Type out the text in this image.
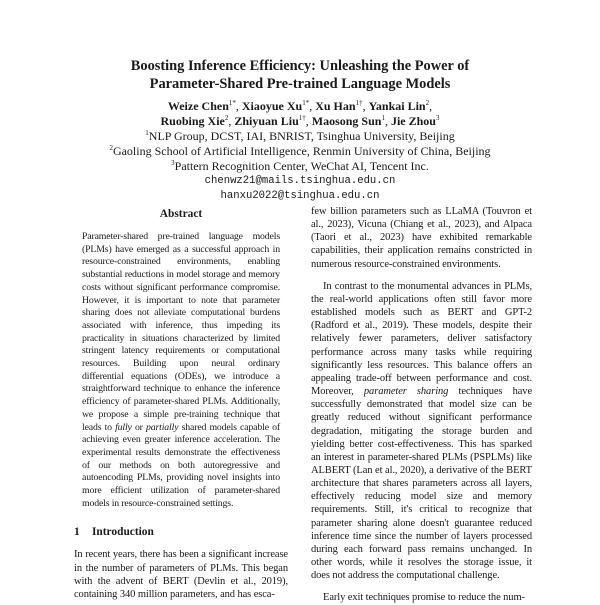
Boosting Inference Efficiency: Unleashing the Power of
Parameter-Shared Pre-trained Language Models
Weize Chen$^{1*}$, Xiaoyue $Xu^{1*}$, Xu Han$^{1\dagger}$, Yankai Lin$^2$,
Ruobing Xie$^2$, Zhiyuan Liu$^{1\dagger}$, Maosong Sun$^1$, Jie Zhou$^3$
$^1$NLP Group, DCST, IAI, BNRIST, Tsinghua University, Beijing
$^2$Gaoling School of Artificial Intelligence, Renmin University of China, Beijing
$^3$Pattern Recognition Center, WeChat AI, Tencent Inc.
chenwz21@mails.tsinghua.edu.cn
hanxu2022@tsinghua.edu.cn
Abstract
Parameter-shared pre-trained language models (PLMs) have emerged as a successful approach in resource-constrained environments, enabling substantial reductions in model storage and memory costs without significant performance compromise. However, it is important to note that parameter sharing does not alleviate computational burdens associated with inference, thus impeding its practicality in situations characterized by limited stringent latency requirements or computational resources. Building upon neural ordinary differential equations (ODEs), we introduce a straightforward technique to enhance the inference efficiency of parameter-shared PLMs. Additionally, we propose a simple pre-training technique that leads to fully or partially shared models capable of achieving even greater inference acceleration. The experimental results demonstrate the effectiveness of our methods on both autoregressive and autoencoding PLMs, providing novel insights into more efficient utilization of parameter-shared models in resource-constrained settings.
1 Introduction

In recent years, there has been a significant increase in the number of parameters of PLMs. This began with the advent of BERT (Devlin et al., 2019), containing 340 million parameters, and has esca-

few billion parameters such as LLaMA (Touvron et al., 2023), Vicuna (Chiang et al., 2023), and Alpaca (Taori et al., 2023) have exhibited remarkable capabilities, their application remains constricted in numerous resource-constrained environments.

In contrast to the monumental advances in PLMs, the real-world applications often still favor more established models such as BERT and GPT-2 (Radford et al., 2019). These models, despite their relatively fewer parameters, deliver satisfactory performance across many tasks while requiring significantly less resources. This balance offers an appealing trade-off between performance and cost. Moreover, parameter sharing techniques have successfully demonstrated that model size can be greatly reduced without significant performance degradation, mitigating the storage burden and yielding better cost-effectiveness. This has sparked an interest in parameter-shared PLMs (PSPLMs) like ALBERT (Lan et al., 2020), a derivative of the BERT architecture that shares parameters across all layers, effectively reducing model size and memory requirements. Still, it's critical to recognize that parameter sharing alone doesn't guarantee reduced inference time since the number of layers processed during each forward pass remains unchanged. In other words, while it resolves the storage issue, it does not address the computational challenge.

Early exit techniques promise to reduce the num-
